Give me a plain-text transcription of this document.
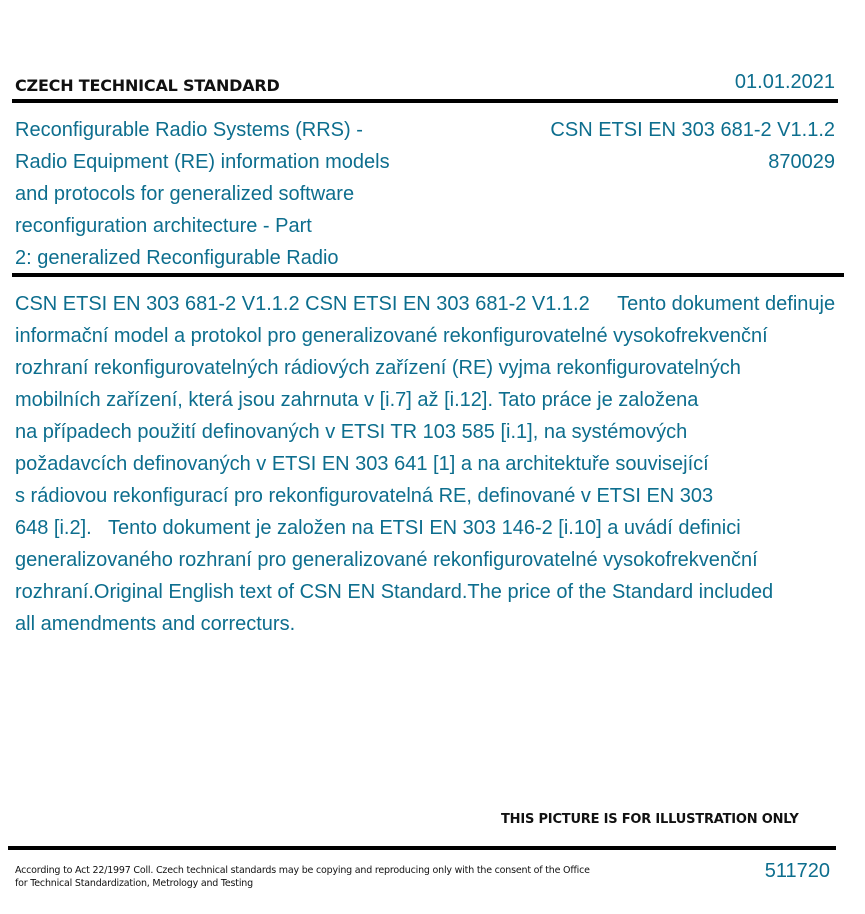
CZECH TECHNICAL STANDARD	01.01.2021
Reconfigurable Radio Systems (RRS) -
Radio Equipment (RE) information models
and protocols for generalized software
reconfiguration architecture - Part
2: generalized Reconfigurable Radio
CSN ETSI EN 303 681-2 V1.1.2
870029
CSN ETSI EN 303 681-2 V1.1.2 CSN ETSI EN 303 681-2 V1.1.2     Tento dokument definuje
informační model a protokol pro generalizované rekonfigurovatelné vysokofrekvenční
rozhraní rekonfigurovatelných rádiových zařízení (RE) vyjma rekonfigurovatelných
mobilních zařízení, která jsou zahrnuta v [i.7] až [i.12]. Tato práce je založena
na případech použití definovaných v ETSI TR 103 585 [i.1], na systémových
požadavcích definovaných v ETSI EN 303 641 [1] a na architektuře související
s rádiovou rekonfigurací pro rekonfigurovatelná RE, definované v ETSI EN 303
648 [i.2].   Tento dokument je založen na ETSI EN 303 146-2 [i.10] a uvádí definici
generalizovaného rozhraní pro generalizované rekonfigurovatelné vysokofrekvenční
rozhraní.Original English text of CSN EN Standard.The price of the Standard included
all amendments and correcturs.
THIS PICTURE IS FOR ILLUSTRATION ONLY
According to Act 22/1997 Coll. Czech technical standards may be copying and reproducing only with the consent of the Office
for Technical Standardization, Metrology and Testing
511720
